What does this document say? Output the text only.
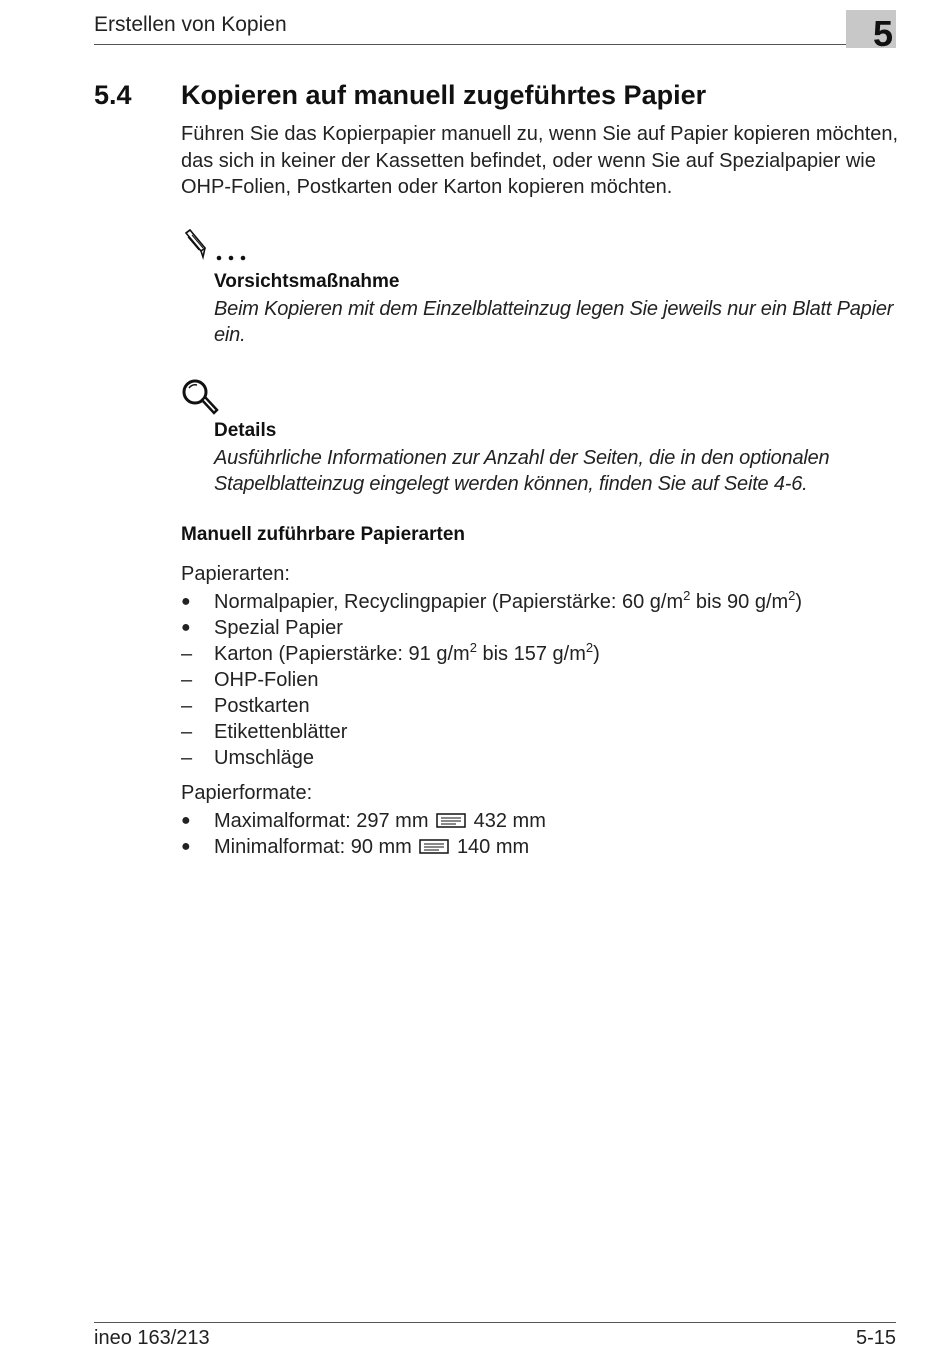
Erstellen von Kopien	5
5.4 Kopieren auf manuell zugeführtes Papier
Führen Sie das Kopierpapier manuell zu, wenn Sie auf Papier kopieren möchten, das sich in keiner der Kassetten befindet, oder wenn Sie auf Spezialpapier wie OHP-Folien, Postkarten oder Karton kopieren möchten.
Vorsichtsmaßnahme
Beim Kopieren mit dem Einzelblatteinzug legen Sie jeweils nur ein Blatt Papier ein.
Details
Ausführliche Informationen zur Anzahl der Seiten, die in den optionalen Stapelblatteinzug eingelegt werden können, finden Sie auf Seite 4-6.
Manuell zuführbare Papierarten
Papierarten:
●	Normalpapier, Recyclingpapier (Papierstärke: 60 $g/m^2$ bis 90 $g/m^2$)
●	Spezial Papier
–	Karton (Papierstärke: 91 $g/m^2$ bis 157 $g/m^2$)
–	OHP-Folien
–	Postkarten
–	Etikettenblätter
–	Umschläge
Papierformate:
●	Maximalformat: 297 mm 432 mm
●	Minimalformat: 90 mm 140 mm
ineo 163/213	5-15
